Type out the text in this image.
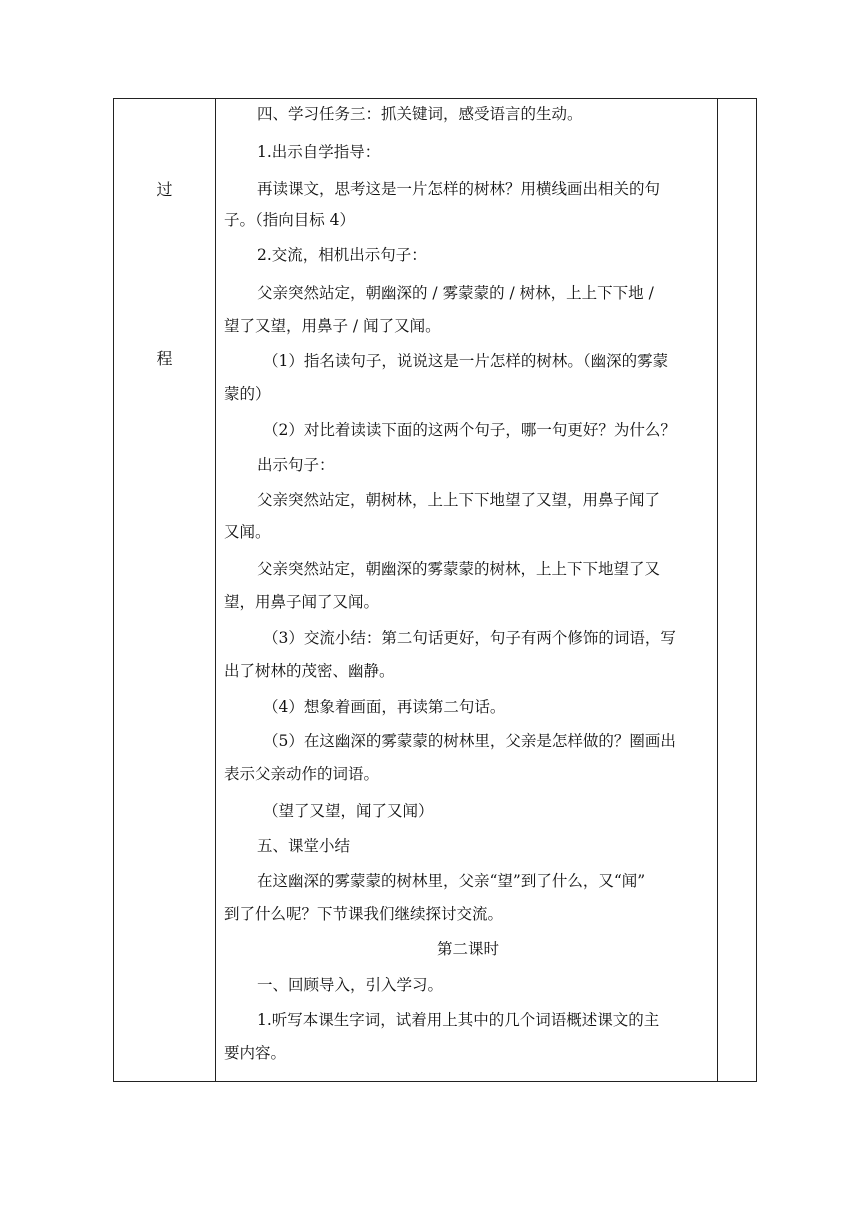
过
程
四、学习任务三：抓关键词，感受语言的生动。
1.出示自学指导：
再读课文，思考这是一片怎样的树林？用横线画出相关的句
子。（指向目标 4）
2.交流，相机出示句子：
父亲突然站定，朝幽深的 / 雾蒙蒙的 / 树林，上上下下地 /
望了又望，用鼻子 / 闻了又闻。
（1）指名读句子，说说这是一片怎样的树林。（幽深的雾蒙
蒙的）
（2）对比着读读下面的这两个句子，哪一句更好？为什么？
出示句子：
父亲突然站定，朝树林，上上下下地望了又望，用鼻子闻了
又闻。
父亲突然站定，朝幽深的雾蒙蒙的树林，上上下下地望了又
望，用鼻子闻了又闻。
（3）交流小结：第二句话更好，句子有两个修饰的词语，写
出了树林的茂密、幽静。
（4）想象着画面，再读第二句话。
（5）在这幽深的雾蒙蒙的树林里，父亲是怎样做的？圈画出
表示父亲动作的词语。
（望了又望，闻了又闻）
五、课堂小结
在这幽深的雾蒙蒙的树林里，父亲“望”到了什么，又“闻”
到了什么呢？下节课我们继续探讨交流。
第二课时
一、回顾导入，引入学习。
1.听写本课生字词，试着用上其中的几个词语概述课文的主
要内容。
